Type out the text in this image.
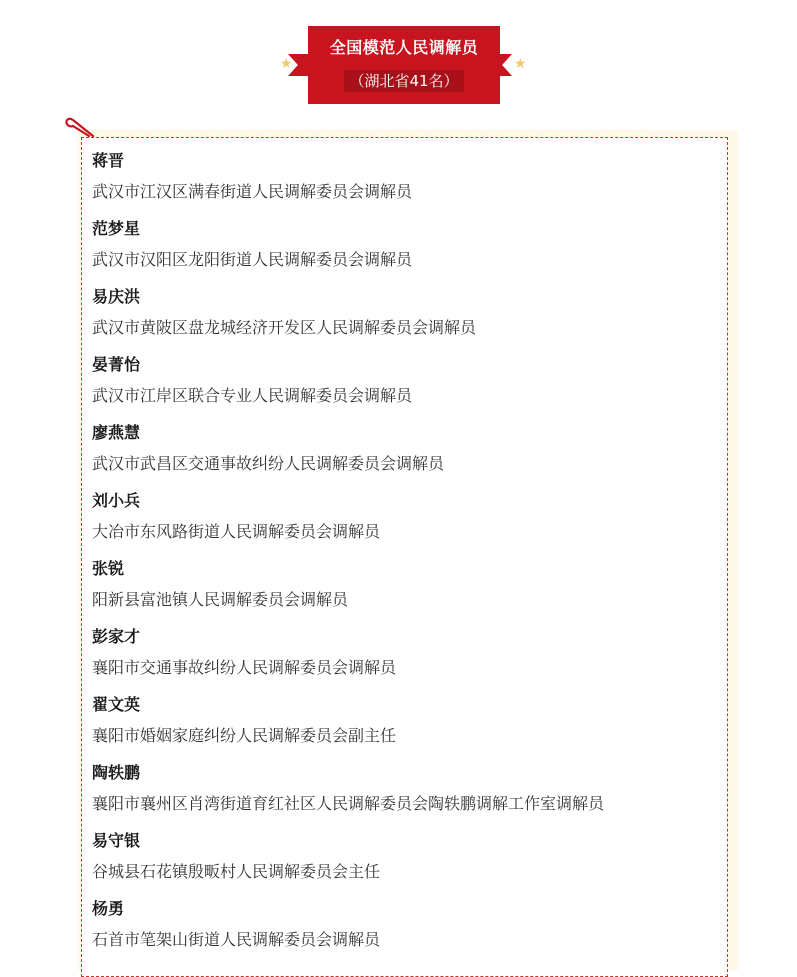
★	★
全国模范人民调解员
（湖北省41名）
蒋晋
武汉市江汉区满春街道人民调解委员会调解员
范梦星
武汉市汉阳区龙阳街道人民调解委员会调解员
易庆洪
武汉市黄陂区盘龙城经济开发区人民调解委员会调解员
晏菁怡
武汉市江岸区联合专业人民调解委员会调解员
廖燕慧
武汉市武昌区交通事故纠纷人民调解委员会调解员
刘小兵
大冶市东风路街道人民调解委员会调解员
张锐
阳新县富池镇人民调解委员会调解员
彭家才
襄阳市交通事故纠纷人民调解委员会调解员
翟文英
襄阳市婚姻家庭纠纷人民调解委员会副主任
陶轶鹏
襄阳市襄州区肖湾街道育红社区人民调解委员会陶轶鹏调解工作室调解员
易守银
谷城县石花镇殷畈村人民调解委员会主任
杨勇
石首市笔架山街道人民调解委员会调解员
